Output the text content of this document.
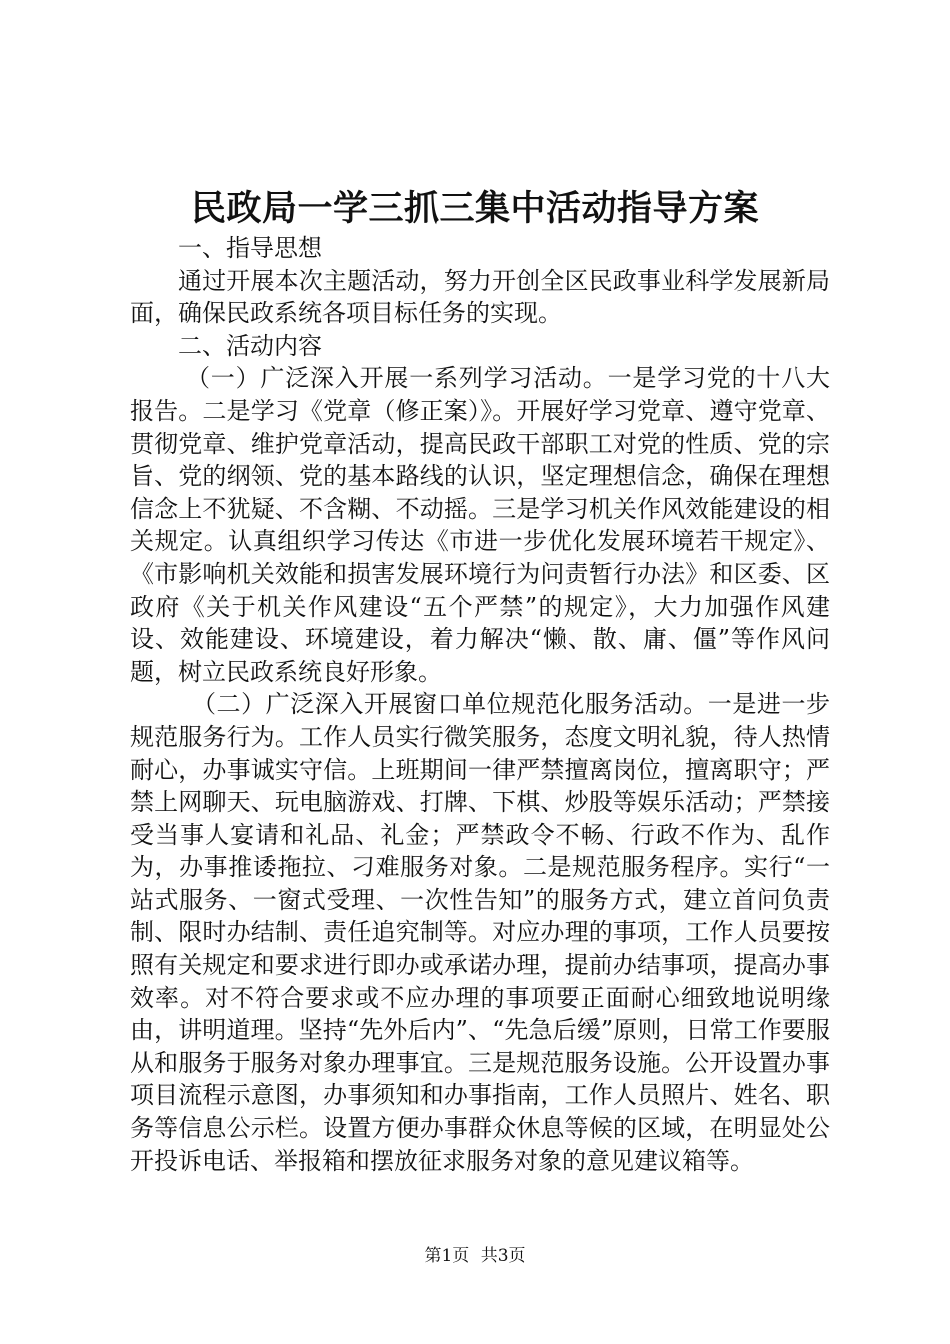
民政局一学三抓三集中活动指导方案

一、指导思想

通过开展本次主题活动，努力开创全区民政事业科学发展新局面，确保民政系统各项目标任务的实现。

二、活动内容

（一）广泛深入开展一系列学习活动。一是学习党的十八大报告。二是学习《党章（修正案）》。开展好学习党章、遵守党章、贯彻党章、维护党章活动，提高民政干部职工对党的性质、党的宗旨、党的纲领、党的基本路线的认识，坚定理想信念，确保在理想信念上不犹疑、不含糊、不动摇。三是学习机关作风效能建设的相关规定。认真组织学习传达《市进一步优化发展环境若干规定》、《市影响机关效能和损害发展环境行为问责暂行办法》和区委、区政府《关于机关作风建设“五个严禁”的规定》，大力加强作风建设、效能建设、环境建设，着力解决“懒、散、庸、僵”等作风问题，树立民政系统良好形象。

（二）广泛深入开展窗口单位规范化服务活动。一是进一步规范服务行为。工作人员实行微笑服务，态度文明礼貌，待人热情耐心，办事诚实守信。上班期间一律严禁擅离岗位，擅离职守；严禁上网聊天、玩电脑游戏、打牌、下棋、炒股等娱乐活动；严禁接受当事人宴请和礼品、礼金；严禁政令不畅、行政不作为、乱作为，办事推诿拖拉、刁难服务对象。二是规范服务程序。实行“一站式服务、一窗式受理、一次性告知”的服务方式，建立首问负责制、限时办结制、责任追究制等。对应办理的事项，工作人员要按照有关规定和要求进行即办或承诺办理，提前办结事项，提高办事效率。对不符合要求或不应办理的事项要正面耐心细致地说明缘由，讲明道理。坚持“先外后内”、“先急后缓”原则，日常工作要服从和服务于服务对象办理事宜。三是规范服务设施。公开设置办事项目流程示意图，办事须知和办事指南，工作人员照片、姓名、职务等信息公示栏。设置方便办事群众休息等候的区域，在明显处公开投诉电话、举报箱和摆放征求服务对象的意见建议箱等。

第1页 共3页
